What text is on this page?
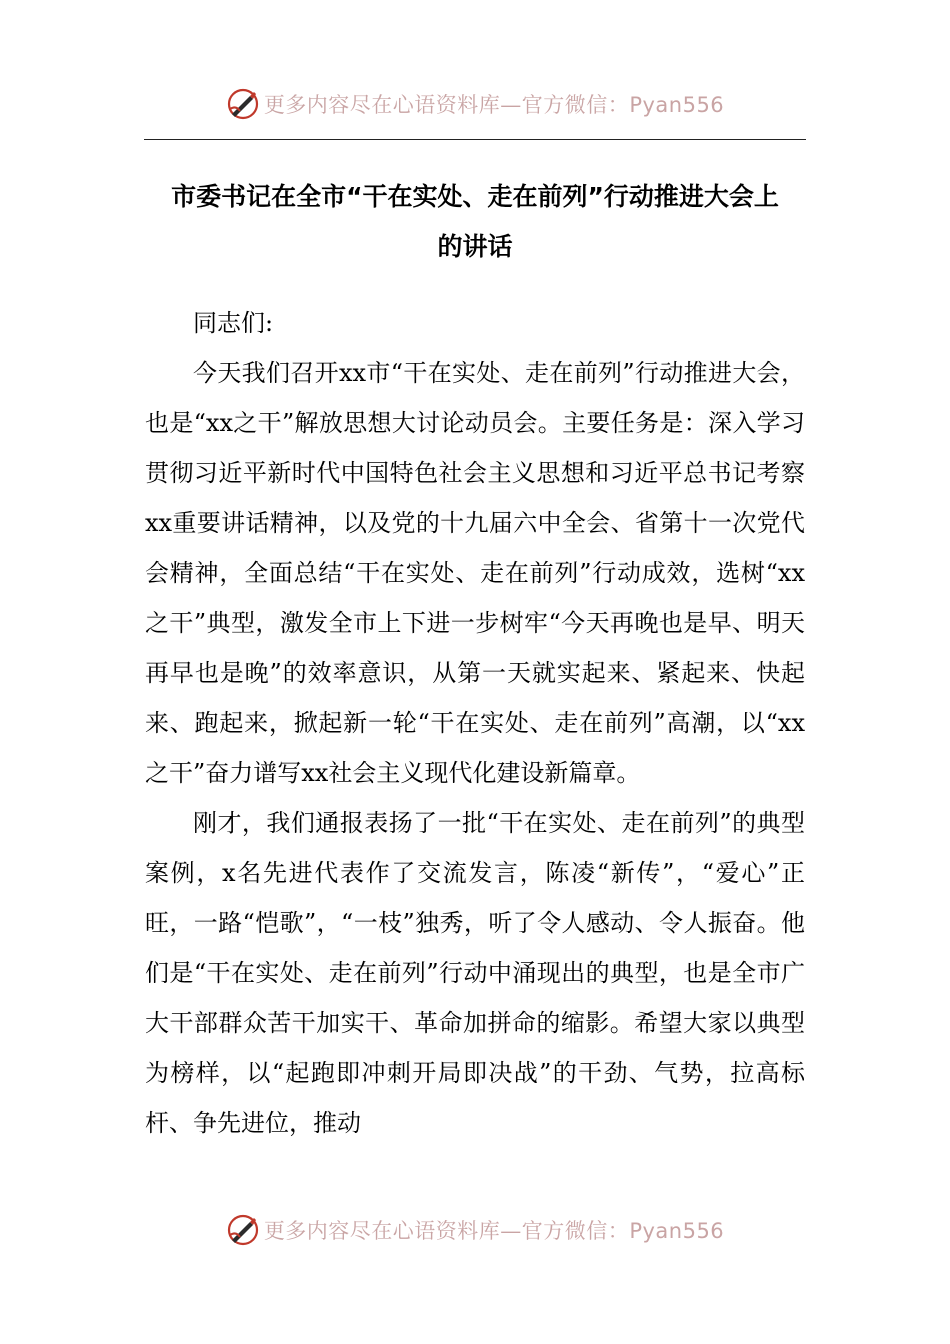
更多内容尽在心语资料库—官方微信：Pyan556
市委书记在全市“干在实处、走在前列”行动推进大会上
的讲话

同志们:

今天我们召开xx市“干在实处、走在前列”行动推进大会，也是“xx之干”解放思想大讨论动员会。主要任务是：深入学习贯彻习近平新时代中国特色社会主义思想和习近平总书记考察xx重要讲话精神，以及党的十九届六中全会、省第十一次党代会精神，全面总结“干在实处、走在前列”行动成效，选树“xx之干”典型，激发全市上下进一步树牢“今天再晚也是早、明天再早也是晚”的效率意识，从第一天就实起来、紧起来、快起来、跑起来，掀起新一轮“干在实处、走在前列”高潮，以“xx之干”奋力谱写xx社会主义现代化建设新篇章。

刚才，我们通报表扬了一批“干在实处、走在前列”的典型案例，x名先进代表作了交流发言，陈凌“新传”，“爱心”正旺，一路“恺歌”，“一枝”独秀，听了令人感动、令人振奋。他们是“干在实处、走在前列”行动中涌现出的典型，也是全市广大干部群众苦干加实干、革命加拼命的缩影。希望大家以典型为榜样，以“起跑即冲刺开局即决战”的干劲、气势，拉高标杆、争先进位，推动

更多内容尽在心语资料库—官方微信：Pyan556
